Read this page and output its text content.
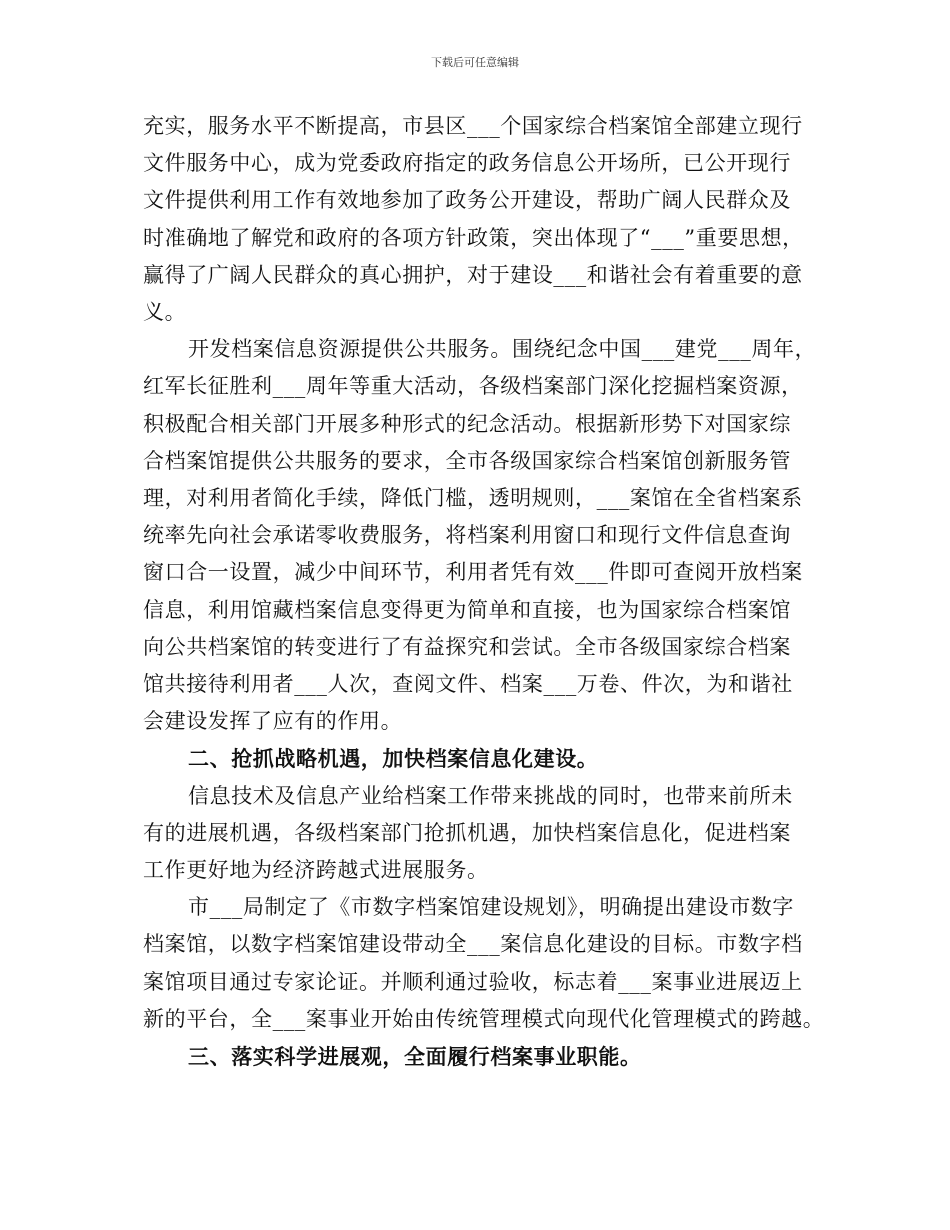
下载后可任意编辑

充实，服务水平不断提高，市县区___个国家综合档案馆全部建立现行
文件服务中心，成为党委政府指定的政务信息公开场所，已公开现行
文件提供利用工作有效地参加了政务公开建设，帮助广阔人民群众及
时准确地了解党和政府的各项方针政策，突出体现了“___”重要思想，
赢得了广阔人民群众的真心拥护，对于建设___和谐社会有着重要的意
义。

开发档案信息资源提供公共服务。围绕纪念中国___建党___周年，
红军长征胜利___周年等重大活动，各级档案部门深化挖掘档案资源，
积极配合相关部门开展多种形式的纪念活动。根据新形势下对国家综
合档案馆提供公共服务的要求，全市各级国家综合档案馆创新服务管
理，对利用者简化手续，降低门槛，透明规则，___案馆在全省档案系
统率先向社会承诺零收费服务，将档案利用窗口和现行文件信息查询
窗口合一设置，减少中间环节，利用者凭有效___件即可查阅开放档案
信息，利用馆藏档案信息变得更为简单和直接，也为国家综合档案馆
向公共档案馆的转变进行了有益探究和尝试。全市各级国家综合档案
馆共接待利用者___人次，查阅文件、档案___万卷、件次，为和谐社
会建设发挥了应有的作用。

二、抢抓战略机遇，加快档案信息化建设。

信息技术及信息产业给档案工作带来挑战的同时，也带来前所未
有的进展机遇，各级档案部门抢抓机遇，加快档案信息化，促进档案
工作更好地为经济跨越式进展服务。

市___局制定了《市数字档案馆建设规划》，明确提出建设市数字
档案馆，以数字档案馆建设带动全___案信息化建设的目标。市数字档
案馆项目通过专家论证。并顺利通过验收，标志着___案事业进展迈上
新的平台，全___案事业开始由传统管理模式向现代化管理模式的跨越。

三、落实科学进展观，全面履行档案事业职能。
